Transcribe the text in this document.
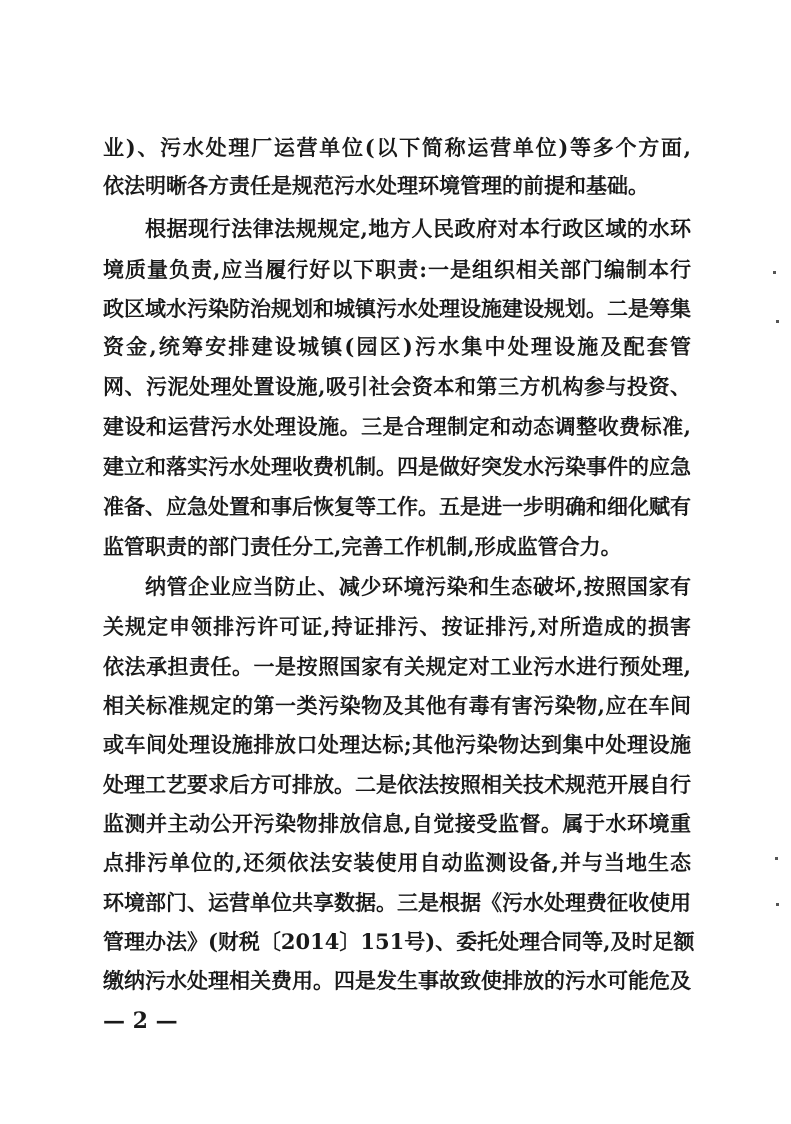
业)、污水处理厂运营单位(以下简称运营单位)等多个方面,
依法明晰各方责任是规范污水处理环境管理的前提和基础。
根据现行法律法规规定,地方人民政府对本行政区域的水环
境质量负责,应当履行好以下职责:一是组织相关部门编制本行
政区域水污染防治规划和城镇污水处理设施建设规划。二是筹集
资金,统筹安排建设城镇(园区)污水集中处理设施及配套管
网、污泥处理处置设施,吸引社会资本和第三方机构参与投资、
建设和运营污水处理设施。三是合理制定和动态调整收费标准,
建立和落实污水处理收费机制。四是做好突发水污染事件的应急
准备、应急处置和事后恢复等工作。五是进一步明确和细化赋有
监管职责的部门责任分工,完善工作机制,形成监管合力。
纳管企业应当防止、减少环境污染和生态破坏,按照国家有
关规定申领排污许可证,持证排污、按证排污,对所造成的损害
依法承担责任。一是按照国家有关规定对工业污水进行预处理,
相关标准规定的第一类污染物及其他有毒有害污染物,应在车间
或车间处理设施排放口处理达标;其他污染物达到集中处理设施
处理工艺要求后方可排放。二是依法按照相关技术规范开展自行
监测并主动公开污染物排放信息,自觉接受监督。属于水环境重
点排污单位的,还须依法安装使用自动监测设备,并与当地生态
环境部门、运营单位共享数据。三是根据《污水处理费征收使用
管理办法》(财税〔2014〕151号)、委托处理合同等,及时足额
缴纳污水处理相关费用。四是发生事故致使排放的污水可能危及
— 2 —
